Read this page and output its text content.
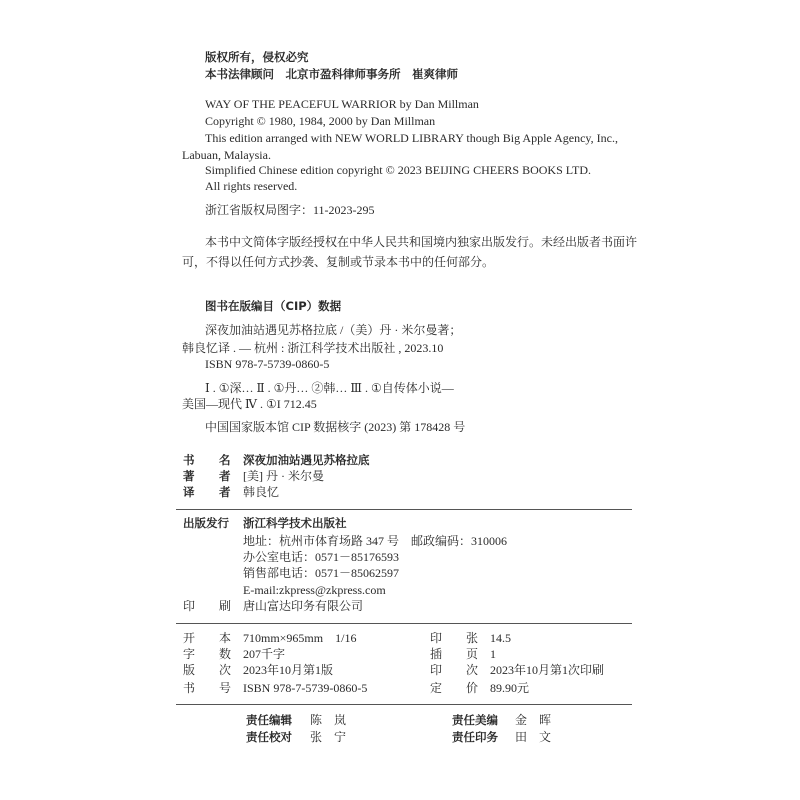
版权所有，侵权必究
本书法律顾问　北京市盈科律师事务所　崔爽律师
WAY OF THE PEACEFUL WARRIOR by Dan Millman
Copyright © 1980, 1984, 2000 by Dan Millman
This edition arranged with NEW WORLD LIBRARY though Big Apple Agency, Inc.,
Labuan, Malaysia.
Simplified Chinese edition copyright © 2023 BEIJING CHEERS BOOKS LTD.
All rights reserved.
浙江省版权局图字：11-2023-295
本书中文简体字版经授权在中华人民共和国境内独家出版发行。未经出版者书面许
可，不得以任何方式抄袭、复制或节录本书中的任何部分。
图书在版编目（CIP）数据
深夜加油站遇见苏格拉底 /（美）丹 · 米尔曼著；
韩良忆译 . — 杭州 : 浙江科学技术出版社 , 2023.10
ISBN 978-7-5739-0860-5
Ⅰ . ①深… Ⅱ . ①丹… ②韩… Ⅲ . ①自传体小说—
美国—现代 Ⅳ . ①I 712.45
中国国家版本馆 CIP 数据核字 (2023) 第 178428 号
书 名 深夜加油站遇见苏格拉底
著 者 [美] 丹 · 米尔曼
译 者 韩良忆
出版发行 浙江科学技术出版社
地址：杭州市体育场路 347 号　邮政编码：310006
办公室电话：0571－85176593
销售部电话：0571－85062597
E-mail:zkpress@zkpress.com
印 刷 唐山富达印务有限公司
开 本 710mm×965mm　1/16
字 数 207千字
版 次 2023年10月第1版
书 号 ISBN 978-7-5739-0860-5
印 张 14.5
插 页 1
印 次 2023年10月第1次印刷
定 价 89.90元
责任编辑 陈　岚	责任美编 金　晖
责任校对 张　宁	责任印务 田　文
